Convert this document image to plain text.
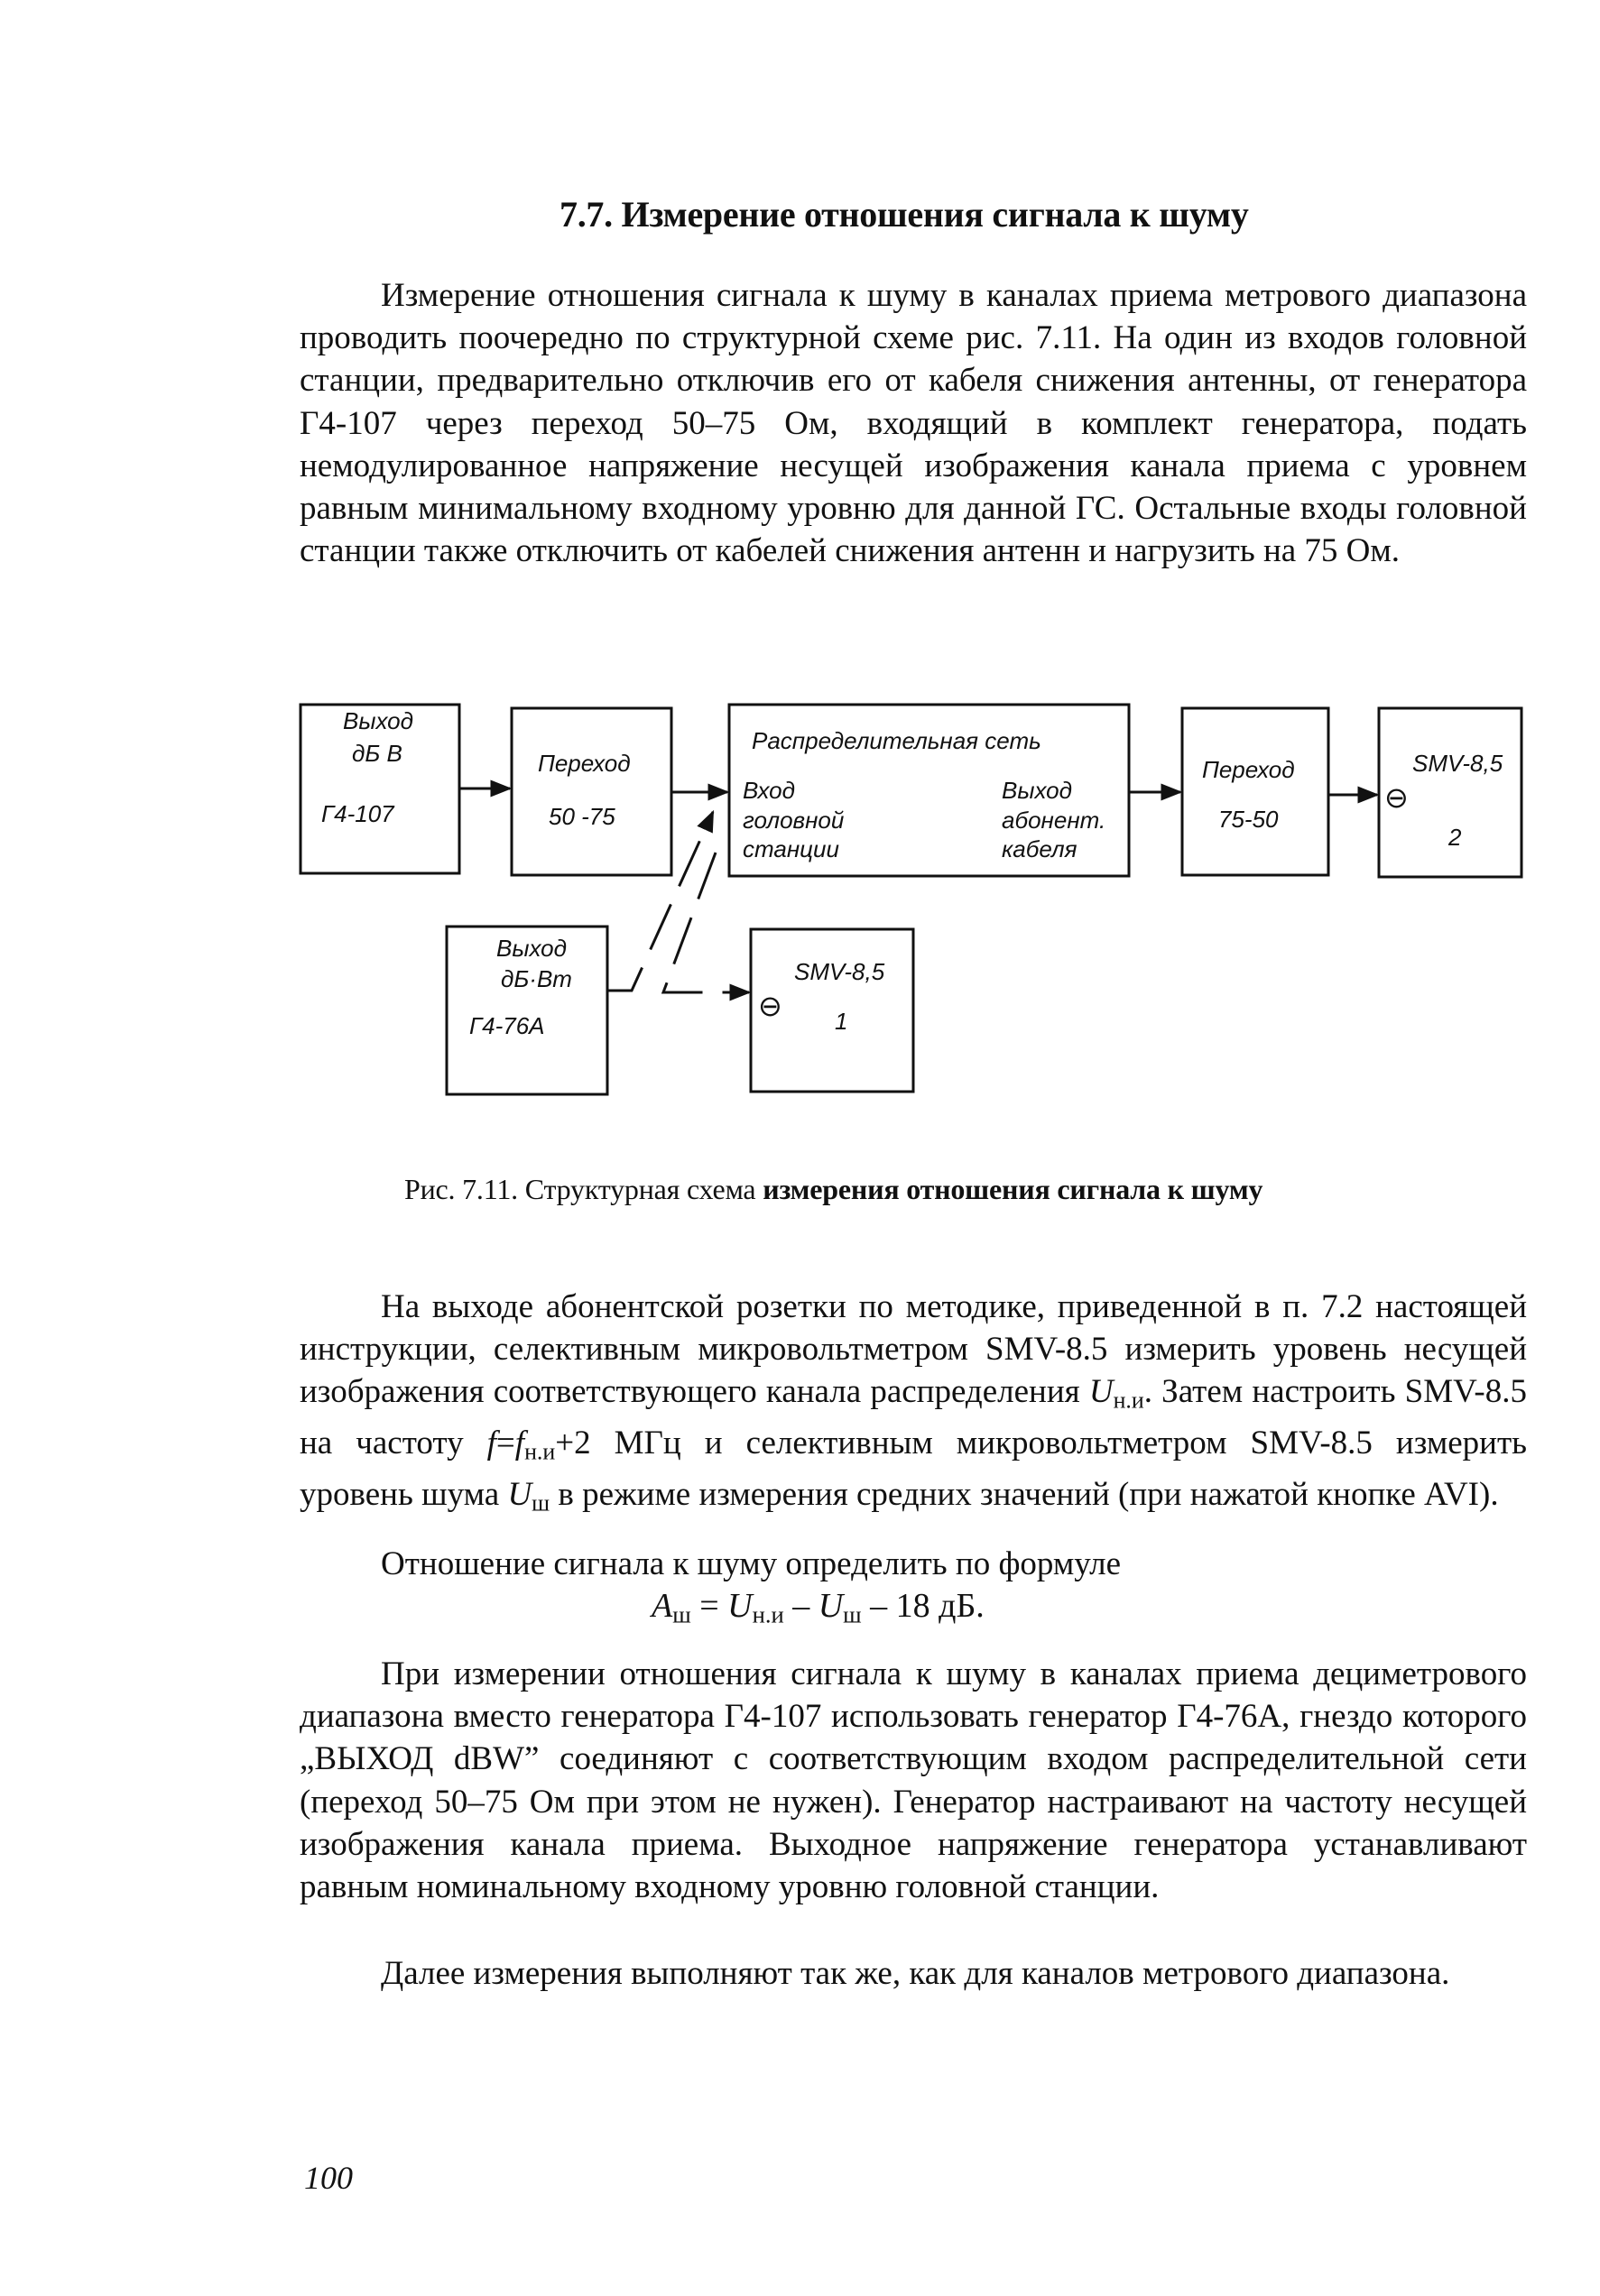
7.7. Измерение отношения сигнала к шуму

Измерение отношения сигнала к шуму в каналах приема метрового диапазона проводить поочередно по структурной схеме рис. 7.11. На один из входов головной станции, предварительно отключив его от кабеля снижения антенны, от генератора Г4-107 через переход 50–75 Ом, входящий в комплект генератора, подать немодулированное напряжение несущей изображения канала приема с уровнем равным минимальному входному уровню для данной ГС. Остальные входы головной станции также отключить от кабелей снижения антенн и нагрузить на 75 Ом.

Выход
дБ В
Г4-107
Переход
50 -75
Распределительная сеть
Вход
головной
станции
Выход
абонент.
кабеля
Переход
75-50
SMV-8,5
⊖
2
Выход
дБ·Вт
Г4-76А
SMV-8,5
⊖ 1
Рис. 7.11. Структурная схема измерения отношения сигнала к шуму

На выходе абонентской розетки по методике, приведенной в п. 7.2 настоящей инструкции, селективным микровольтметром SMV-8.5 измерить уровень несущей изображения соответствующего канала распределения $U_{н.и}$. Затем настроить SMV-8.5 на частоту $f=f_{н.и}+2$ МГц и селективным микровольтметром SMV-8.5 измерить уровень шума $U_ш$ в режиме измерения средних значений (при нажатой кнопке AVI).

Отношение сигнала к шуму определить по формуле

$A_ш = U_{н.и} - U_ш - 18$ дБ.

При измерении отношения сигнала к шуму в каналах приема дециметрового диапазона вместо генератора Г4-107 использовать генератор Г4-76А, гнездо которого „ВЫХОД dBW” соединяют с соответствующим входом распределительной сети (переход 50–75 Ом при этом не нужен). Генератор настраивают на частоту несущей изображения канала приема. Выходное напряжение генератора устанавливают равным номинальному входному уровню головной станции.

Далее измерения выполняют так же, как для каналов метрового диапазона.

100
